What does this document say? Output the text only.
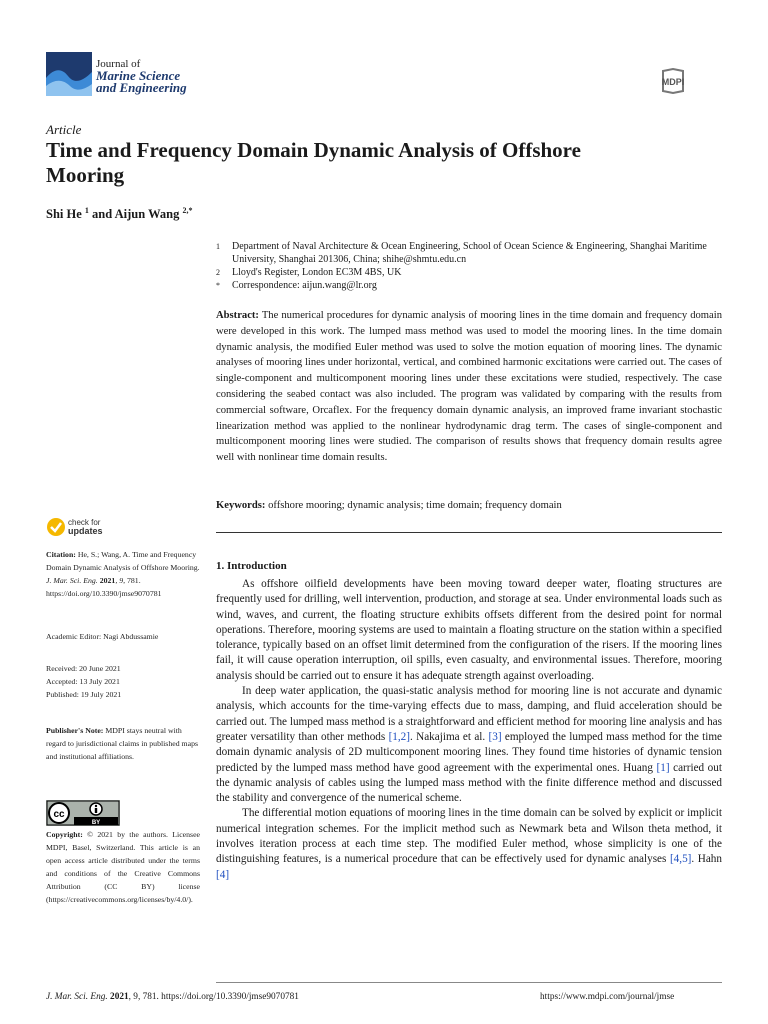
Journal of
Marine Science
and Engineering	MDPI
Article
Time and Frequency Domain Dynamic Analysis of Offshore Mooring
Shi He $^1$ and Aijun Wang $^{2,*}$
1	Department of Naval Architecture & Ocean Engineering, School of Ocean Science & Engineering, Shanghai Maritime University, Shanghai 201306, China; shihe@shmtu.edu.cn
2	Lloyd's Register, London EC3M 4BS, UK
*	Correspondence: aijun.wang@lr.org
Abstract: The numerical procedures for dynamic analysis of mooring lines in the time domain and frequency domain were developed in this work. The lumped mass method was used to model the mooring lines. In the time domain dynamic analysis, the modified Euler method was used to solve the motion equation of mooring lines. The dynamic analyses of mooring lines under horizontal, vertical, and combined harmonic excitations were carried out. The cases of single-component and multicomponent mooring lines under these excitations were studied, respectively. The case considering the seabed contact was also included. The program was validated by comparing with the results from commercial software, Orcaflex. For the frequency domain dynamic analysis, an improved frame invariant stochastic linearization method was applied to the nonlinear hydrodynamic drag term. The cases of single-component and multicomponent mooring lines were studied. The comparison of results shows that frequency domain results agree well with nonlinear time domain results.
Keywords: offshore mooring; dynamic analysis; time domain; frequency domain
check for
updates
Citation: He, S.; Wang, A. Time and Frequency Domain Dynamic Analysis of Offshore Mooring. J. Mar. Sci. Eng. 2021, 9, 781. https://doi.org/10.3390/jmse9070781
Academic Editor: Nagi Abdussamie
Received: 20 June 2021
Accepted: 13 July 2021
Published: 19 July 2021
Publisher's Note: MDPI stays neutral with regard to jurisdictional claims in published maps and institutional affiliations.
cc
BY
Copyright: © 2021 by the authors. Licensee MDPI, Basel, Switzerland. This article is an open access article distributed under the terms and conditions of the Creative Commons Attribution (CC BY) license (https://creativecommons.org/licenses/by/4.0/).
1. Introduction

As offshore oilfield developments have been moving toward deeper water, floating structures are frequently used for drilling, well intervention, production, and storage at sea. Under environmental loads such as wind, waves, and current, the floating structure exhibits offsets different from the desired point for normal operations. Therefore, mooring systems are used to maintain a floating structure on the station within a specified tolerance, typically based on an offset limit determined from the configuration of the risers. If the mooring lines fail, it will cause operation interruption, oil spills, even casualty, and environmental issues. Therefore, mooring analysis should be carried out to ensure it has adequate strength against overloading.

In deep water application, the quasi-static analysis method for mooring line is not accurate and dynamic analysis, which accounts for the time-varying effects due to mass, damping, and fluid acceleration should be carried out. The lumped mass method is a straightforward and efficient method for mooring line analysis and has greater versatility than other methods [1,2]. Nakajima et al. [3] employed the lumped mass method for the time domain dynamic analysis of 2D multicomponent mooring lines. They found time histories of dynamic tension predicted by the lumped mass method have good agreement with the experimental ones. Huang [1] carried out the dynamic analysis of cables using the lumped mass method with the finite difference method and discussed the stability and convergence of the numerical scheme.

The differential motion equations of mooring lines in the time domain can be solved by explicit or implicit numerical integration schemes. For the implicit method such as Newmark beta and Wilson theta method, it involves iteration process at each time step. The modified Euler method, whose simplicity is one of the distinguishing features, is a numerical procedure that can be effectively used for dynamic analyses [4,5]. Hahn [4]

J. Mar. Sci. Eng. 2021, 9, 781. https://doi.org/10.3390/jmse9070781	https://www.mdpi.com/journal/jmse
